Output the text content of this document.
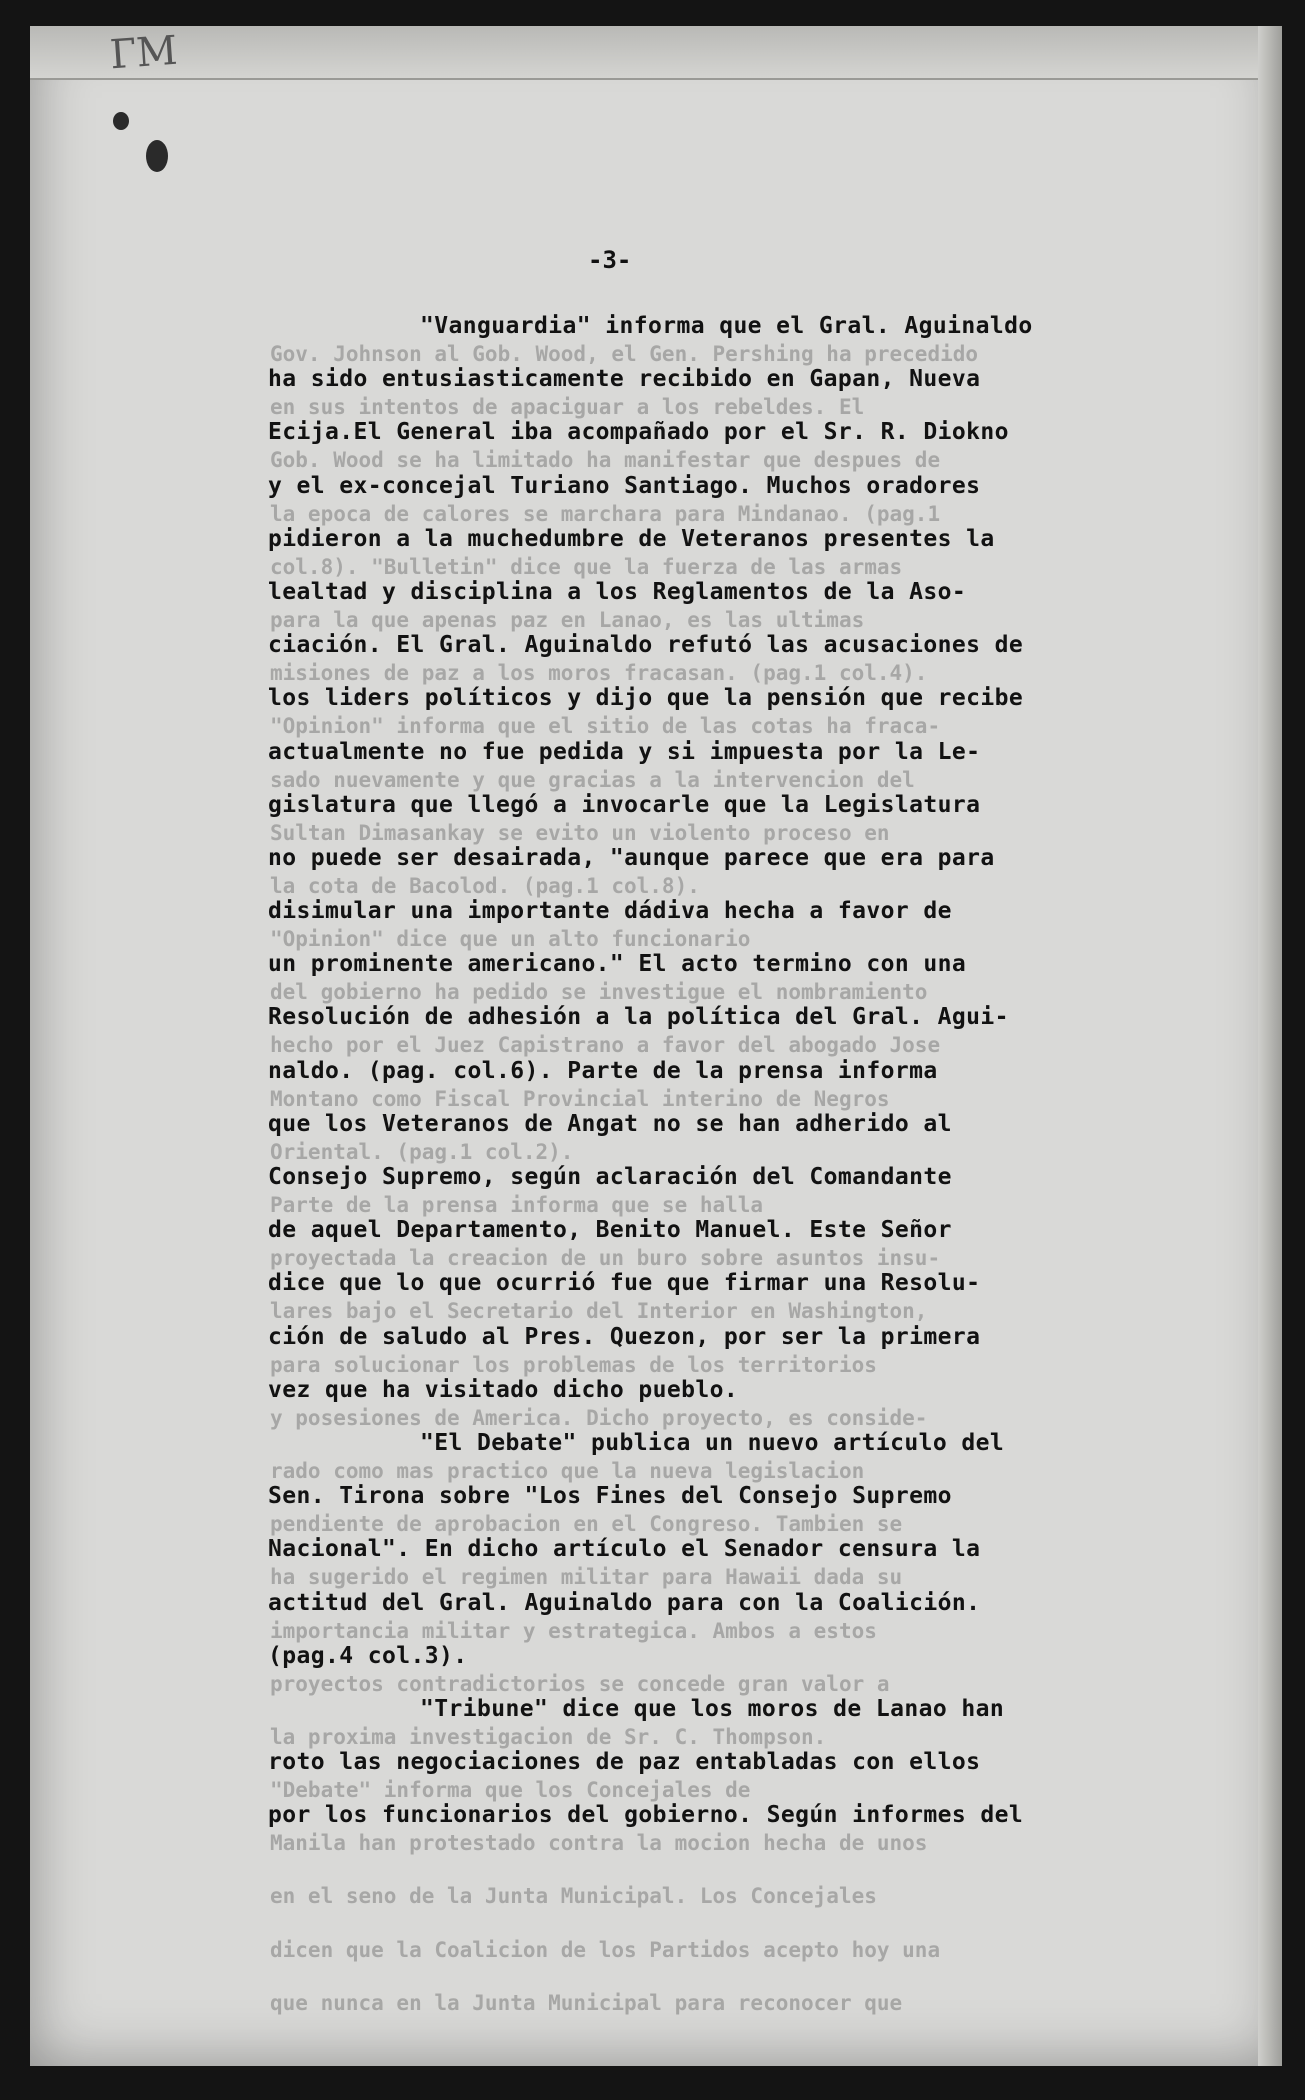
ГМ
Gov. Johnson al Gob. Wood, el Gen. Pershing ha precedido
en sus intentos de apaciguar a los rebeldes. El
Gob. Wood se ha limitado ha manifestar que despues de
la epoca de calores se marchara para Mindanao. (pag.1
col.8). "Bulletin" dice que la fuerza de las armas
para la que apenas paz en Lanao, es las ultimas
misiones de paz a los moros fracasan. (pag.1 col.4).
"Opinion" informa que el sitio de las cotas ha fraca-
sado nuevamente y que gracias a la intervencion del
Sultan Dimasankay se evito un violento proceso en
la cota de Bacolod. (pag.1 col.8).
"Opinion" dice que un alto funcionario
del gobierno ha pedido se investigue el nombramiento
hecho por el Juez Capistrano a favor del abogado Jose
Montano como Fiscal Provincial interino de Negros
Oriental. (pag.1 col.2).
Parte de la prensa informa que se halla
proyectada la creacion de un buro sobre asuntos insu-
lares bajo el Secretario del Interior en Washington,
para solucionar los problemas de los territorios
y posesiones de America. Dicho proyecto, es conside-
rado como mas practico que la nueva legislacion
pendiente de aprobacion en el Congreso. Tambien se
ha sugerido el regimen militar para Hawaii dada su
importancia militar y estrategica. Ambos a estos
proyectos contradictorios se concede gran valor a
la proxima investigacion de Sr. C. Thompson.
"Debate" informa que los Concejales de
Manila han protestado contra la mocion hecha de unos
en el seno de la Junta Municipal. Los Concejales
dicen que la Coalicion de los Partidos acepto hoy una
que nunca en la Junta Municipal para reconocer que
-3-
"Vanguardia" informa que el Gral. Aguinaldo
ha sido entusiasticamente recibido en Gapan, Nueva
Ecija.El General iba acompañado por el Sr. R. Diokno
y el ex-concejal Turiano Santiago. Muchos oradores
pidieron a la muchedumbre de Veteranos presentes la
lealtad y disciplina a los Reglamentos de la Aso-
ciación. El Gral. Aguinaldo refutó las acusaciones de
los liders políticos y dijo que la pensión que recibe
actualmente no fue pedida y si impuesta por la Le-
gislatura que llegó a invocarle que la Legislatura
no puede ser desairada, "aunque parece que era para
disimular una importante dádiva hecha a favor de
un prominente americano." El acto termino con una
Resolución de adhesión a la política del Gral. Agui-
naldo. (pag. col.6). Parte de la prensa informa
que los Veteranos de Angat no se han adherido al
Consejo Supremo, según aclaración del Comandante
de aquel Departamento, Benito Manuel. Este Señor
dice que lo que ocurrió fue que firmar una Resolu-
ción de saludo al Pres. Quezon, por ser la primera
vez que ha visitado dicho pueblo.
"El Debate" publica un nuevo artículo del
Sen. Tirona sobre "Los Fines del Consejo Supremo
Nacional". En dicho artículo el Senador censura la
actitud del Gral. Aguinaldo para con la Coalición.
(pag.4 col.3).
"Tribune" dice que los moros de Lanao han
roto las negociaciones de paz entabladas con ellos
por los funcionarios del gobierno. Según informes del
